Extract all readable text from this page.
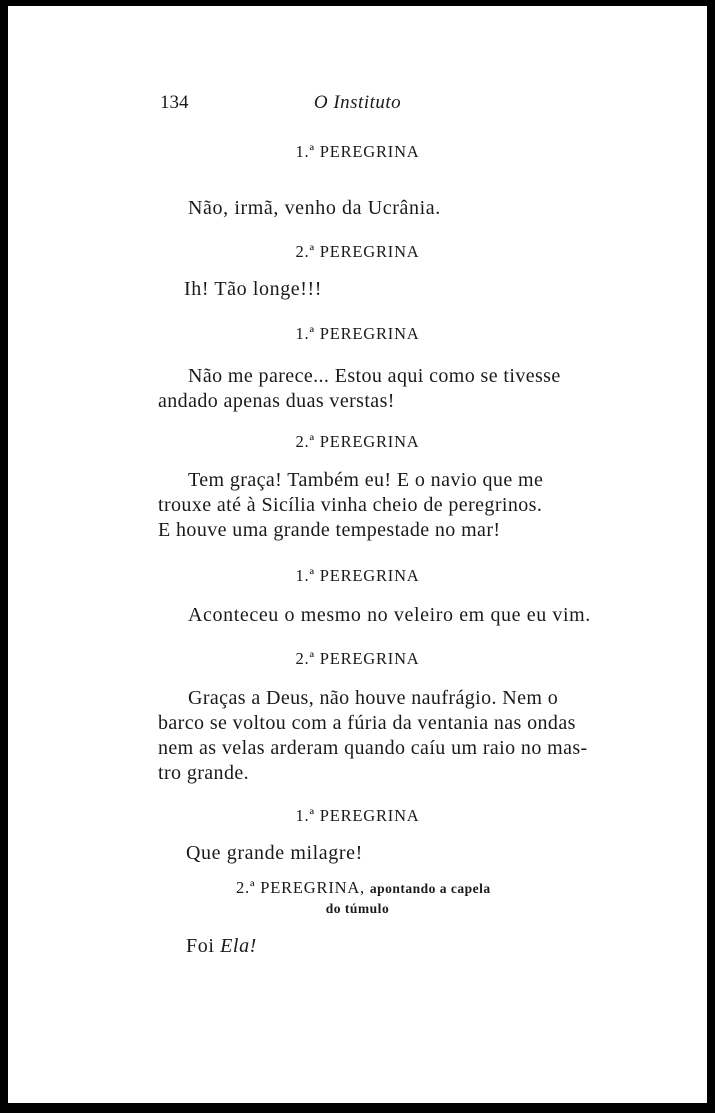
134	O Instituto
1.ª PEREGRINA
Não, irmã, venho da Ucrânia.
2.ª PEREGRINA
Ih! Tão longe!!!
1.ª PEREGRINA
Não me parece... Estou aqui como se tivesse
andado apenas duas verstas!
2.ª PEREGRINA
Tem graça! Também eu! E o navio que me
trouxe até à Sicília vinha cheio de peregrinos.
E houve uma grande tempestade no mar!
1.ª PEREGRINA
Aconteceu o mesmo no veleiro em que eu vim.
2.ª PEREGRINA
Graças a Deus, não houve naufrágio. Nem o
barco se voltou com a fúria da ventania nas ondas
nem as velas arderam quando caíu um raio no mas-
tro grande.
1.ª PEREGRINA
Que grande milagre!
2.ª PEREGRINA, apontando a capela
do túmulo
Foi Ela!
